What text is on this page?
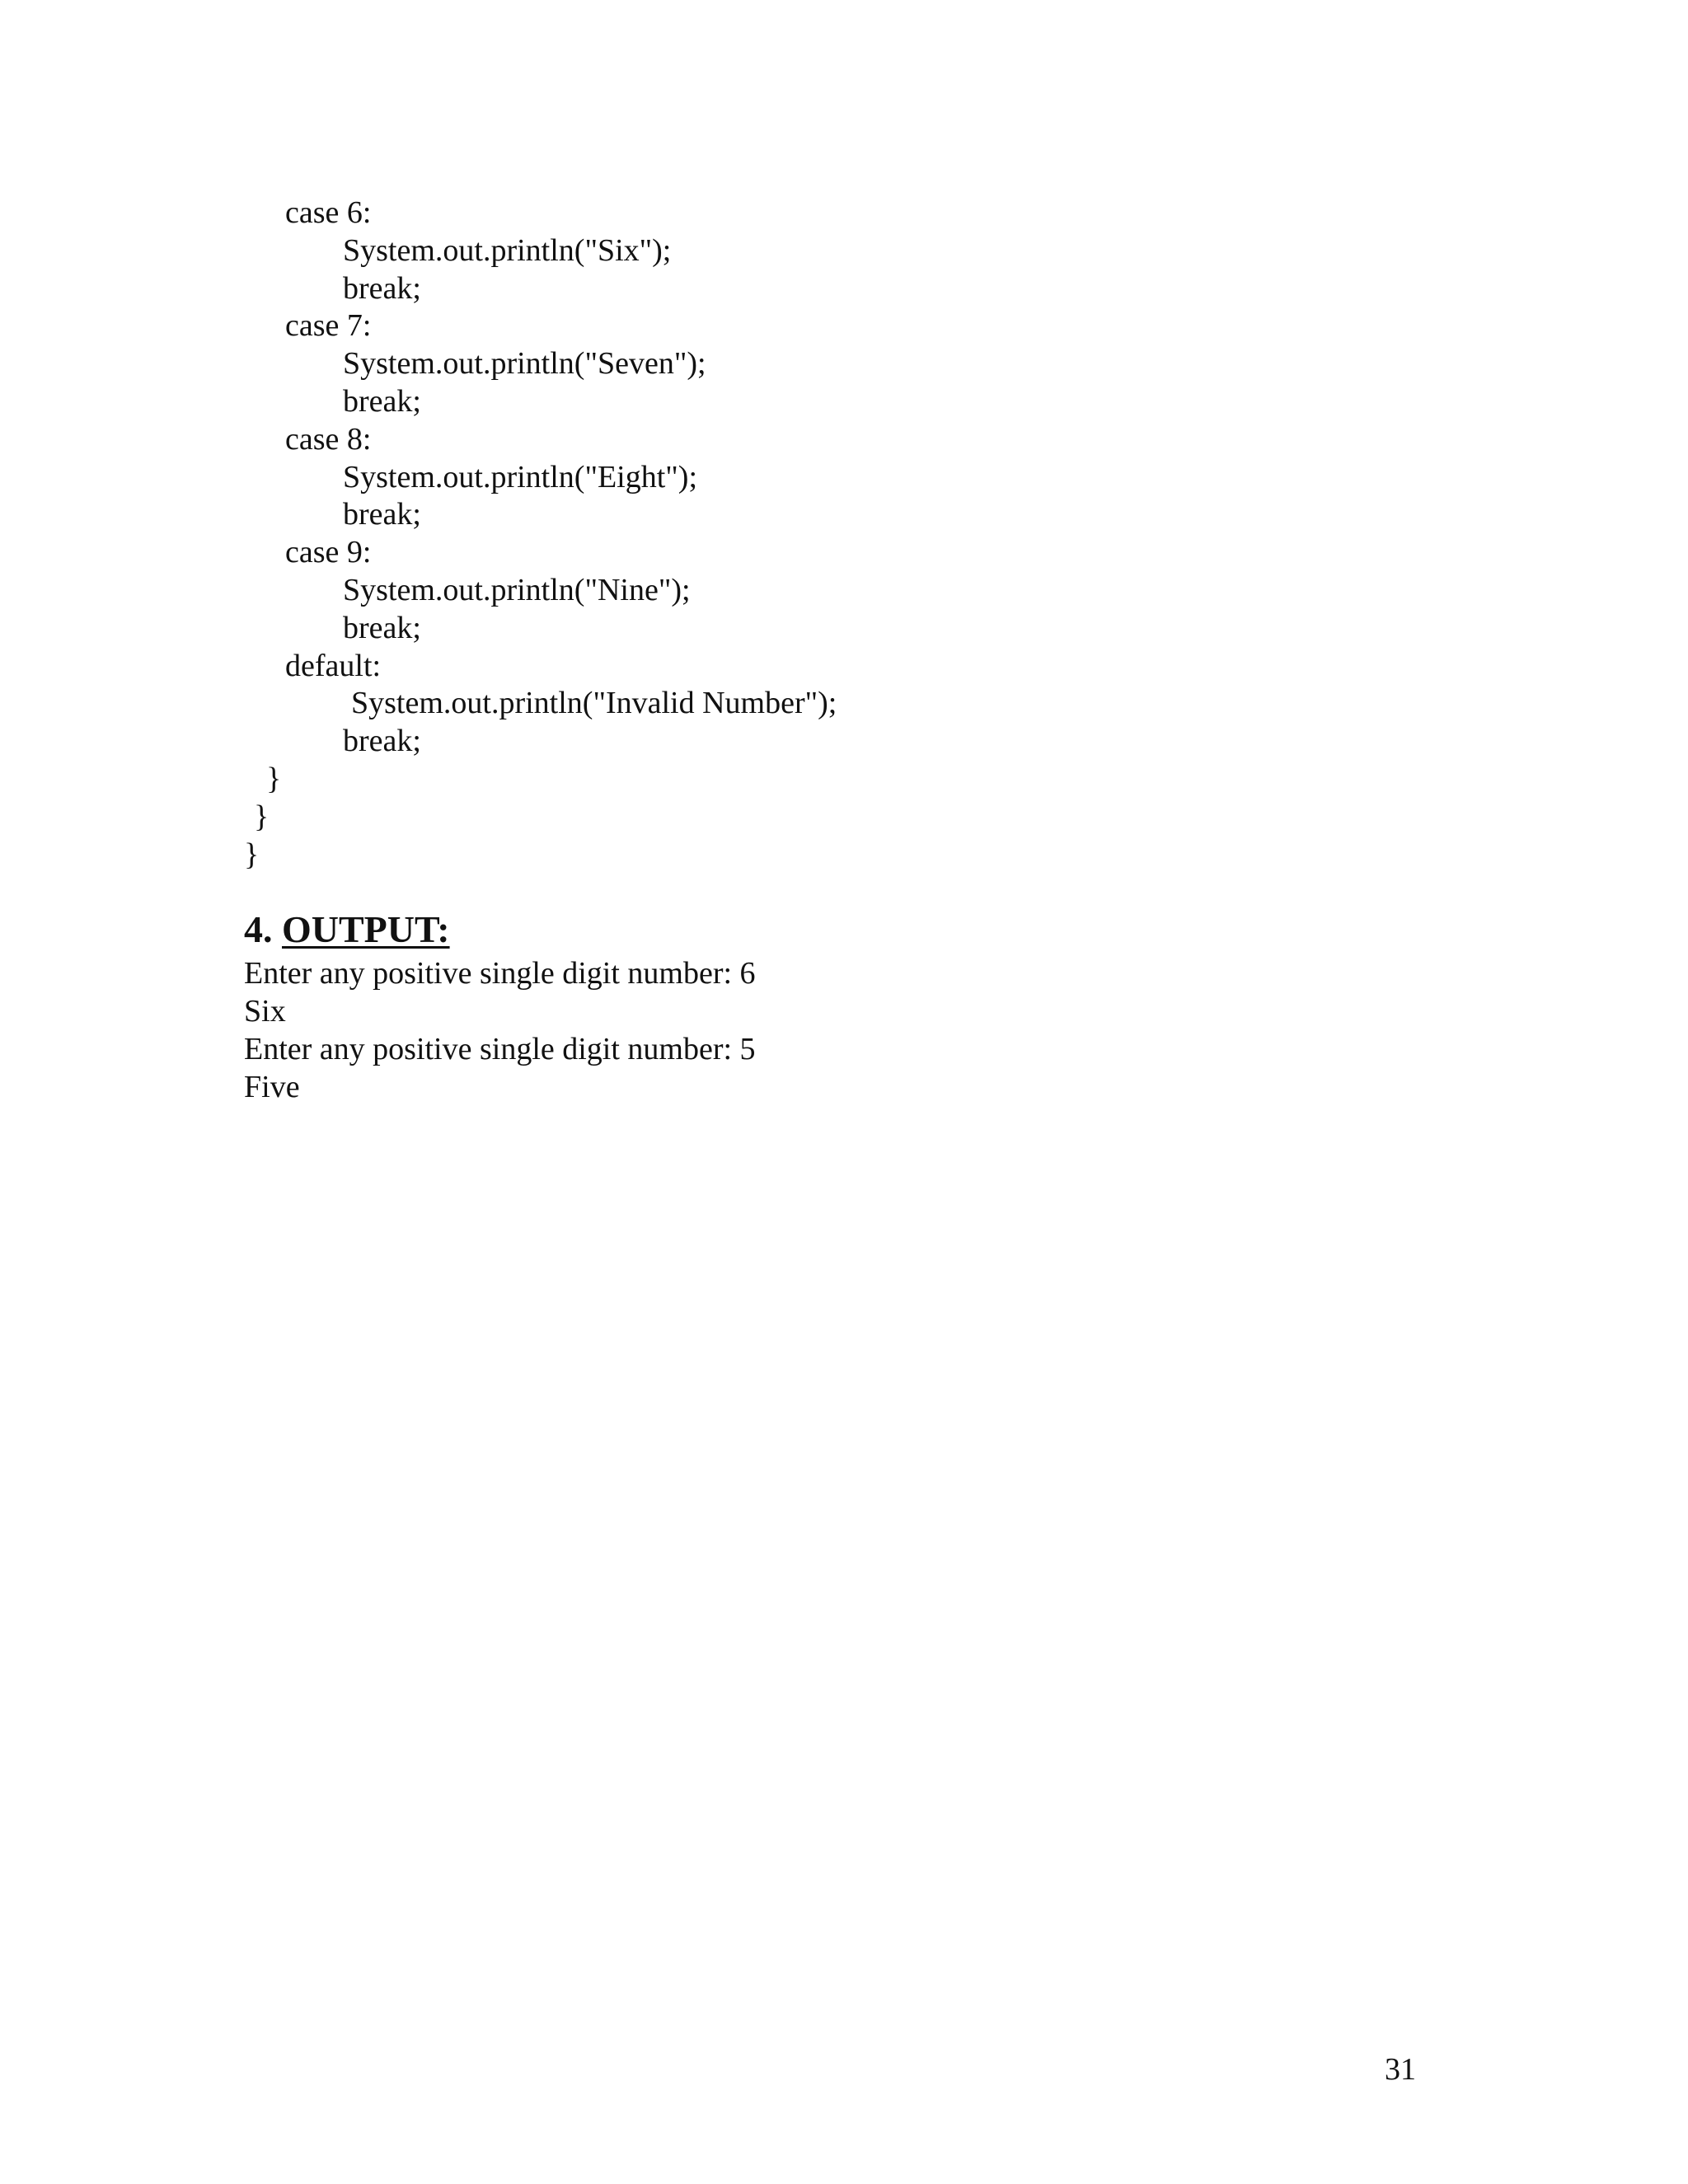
case 6:
System.out.println("Six");
break;
case 7:
System.out.println("Seven");
break;
case 8:
System.out.println("Eight");
break;
case 9:
System.out.println("Nine");
break;
default:
System.out.println("Invalid Number");
break;
}
}
}
4. OUTPUT:
Enter any positive single digit number: 6
Six
Enter any positive single digit number: 5
Five
31
